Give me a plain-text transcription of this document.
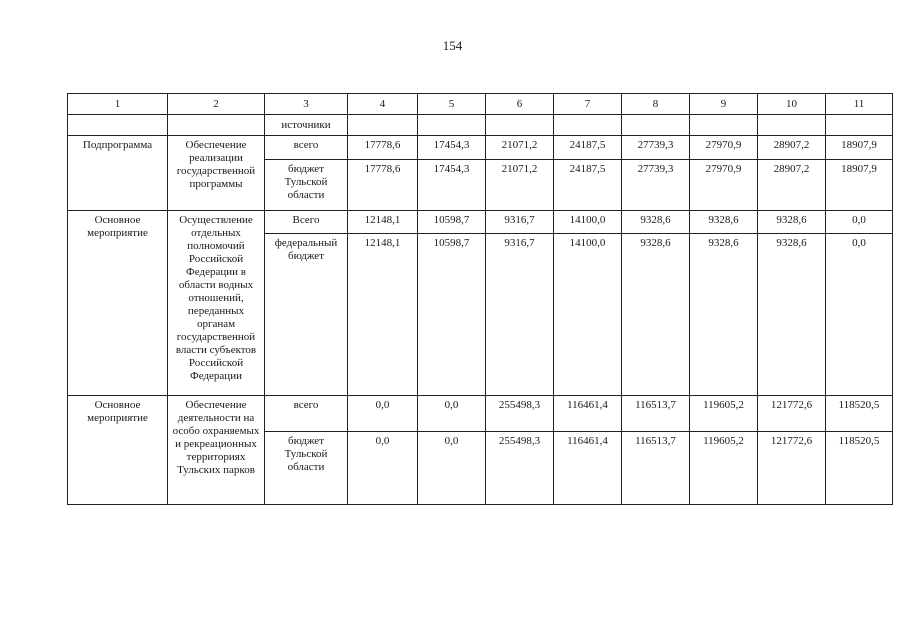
154
1	2	3	4	5	6	7	8	9	10	11
		источники								
Подпрограмма	Обеспечение реализации государственной программы	всего	17778,6	17454,3	21071,2	24187,5	27739,3	27970,9	28907,2	18907,9
		бюджет Тульской области	17778,6	17454,3	21071,2	24187,5	27739,3	27970,9	28907,2	18907,9
Основное мероприятие	Осуществление отдельных полномочий Российской Федерации в области водных отношений, переданных органам государственной власти субъектов Российской Федерации	Всего	12148,1	10598,7	9316,7	14100,0	9328,6	9328,6	9328,6	0,0
		федеральный бюджет	12148,1	10598,7	9316,7	14100,0	9328,6	9328,6	9328,6	0,0
Основное мероприятие	Обеспечение деятельности на особо охраняемых и рекреационных территориях Тульских парков	всего	0,0	0,0	255498,3	116461,4	116513,7	119605,2	121772,6	118520,5
		бюджет Тульской области	0,0	0,0	255498,3	116461,4	116513,7	119605,2	121772,6	118520,5
